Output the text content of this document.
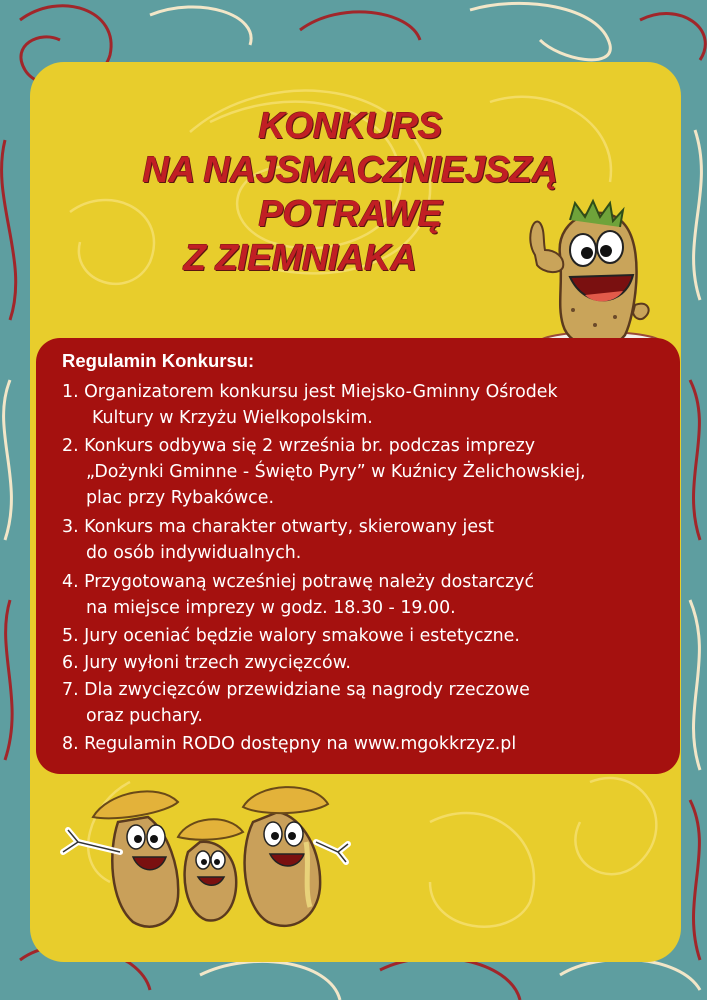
KONKURS
NA NAJSMACZNIEJSZĄ
POTRAWĘ
Z ZIEMNIAKA
Regulamin Konkursu:
1. Organizatorem konkursu jest Miejsko-Gminny Ośrodek
Kultury w Krzyżu Wielkopolskim.
2. Konkurs odbywa się 2 września br. podczas imprezy
„Dożynki Gminne - Święto Pyry” w Kuźnicy Żelichowskiej,
plac przy Rybakówce.
3. Konkurs ma charakter otwarty, skierowany jest
do osób indywidualnych.
4. Przygotowaną wcześniej potrawę należy dostarczyć
na miejsce imprezy w godz. 18.30 - 19.00.
5. Jury oceniać będzie walory smakowe i estetyczne.
6. Jury wyłoni trzech zwycięzców.
7. Dla zwycięzców przewidziane są nagrody rzeczowe
oraz puchary.
8. Regulamin RODO dostępny na www.mgokkrzyz.pl
